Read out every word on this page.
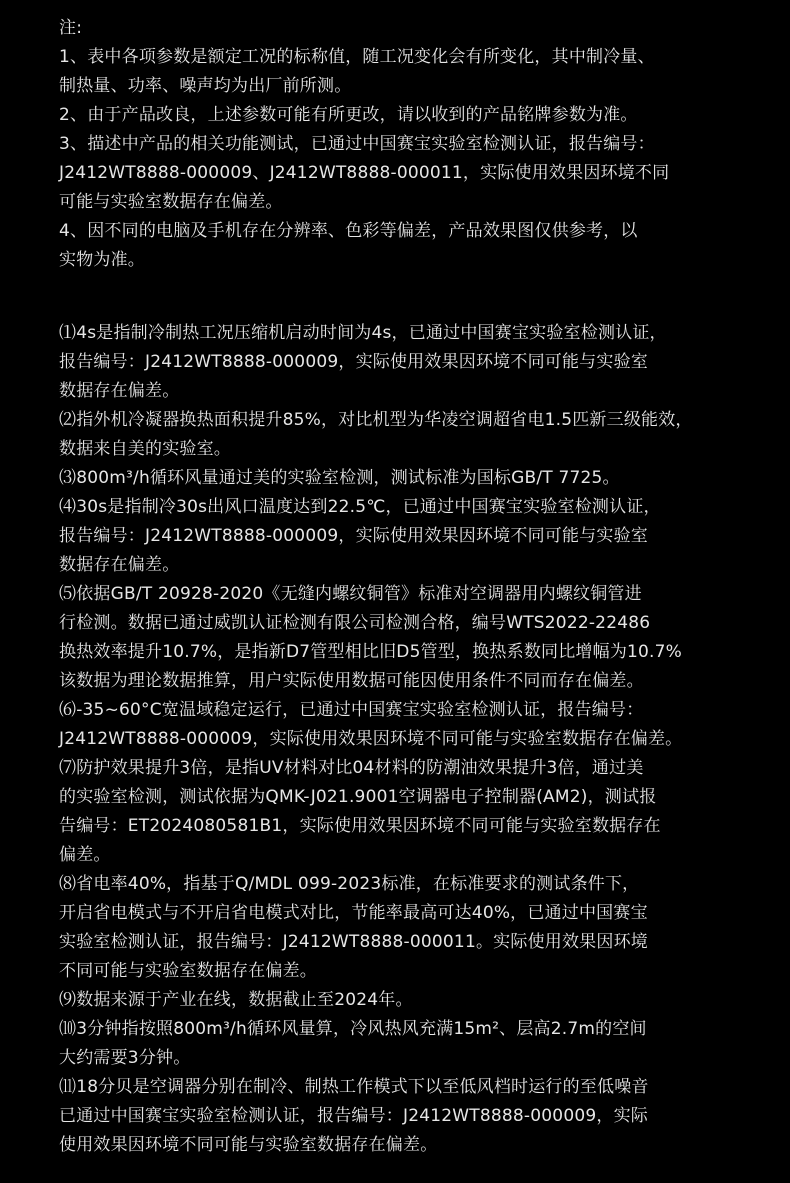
注:
1、表中各项参数是额定工况的标称值，随工况变化会有所变化，其中制冷量、
制热量、功率、噪声均为出厂前所测。
2、由于产品改良，上述参数可能有所更改，请以收到的产品铭牌参数为准。
3、描述中产品的相关功能测试，已通过中国赛宝实验室检测认证，报告编号：
J2412WT8888-000009、J2412WT8888-000011，实际使用效果因环境不同
可能与实验室数据存在偏差。
4、因不同的电脑及手机存在分辨率、色彩等偏差，产品效果图仅供参考，以
实物为准。
⑴4s是指制冷制热工况压缩机启动时间为4s，已通过中国赛宝实验室检测认证，
报告编号：J2412WT8888-000009，实际使用效果因环境不同可能与实验室
数据存在偏差。
⑵指外机冷凝器换热面积提升85%，对比机型为华凌空调超省电1.5匹新三级能效，
数据来自美的实验室。
⑶800m³/h循环风量通过美的实验室检测，测试标准为国标GB/T 7725。
⑷30s是指制冷30s出风口温度达到22.5℃，已通过中国赛宝实验室检测认证，
报告编号：J2412WT8888-000009，实际使用效果因环境不同可能与实验室
数据存在偏差。
⑸依据GB/T 20928-2020《无缝内螺纹铜管》标准对空调器用内螺纹铜管进
行检测。数据已通过威凯认证检测有限公司检测合格，编号WTS2022-22486
换热效率提升10.7%，是指新D7管型相比旧D5管型，换热系数同比增幅为10.7%
该数据为理论数据推算，用户实际使用数据可能因使用条件不同而存在偏差。
⑹-35~60°C宽温域稳定运行，已通过中国赛宝实验室检测认证，报告编号：
J2412WT8888-000009，实际使用效果因环境不同可能与实验室数据存在偏差。
⑺防护效果提升3倍，是指UV材料对比04材料的防潮油效果提升3倍，通过美
的实验室检测，测试依据为QMK-J021.9001空调器电子控制器(AM2)，测试报
告编号：ET2024080581B1，实际使用效果因环境不同可能与实验室数据存在
偏差。
⑻省电率40%，指基于Q/MDL 099-2023标准，在标准要求的测试条件下，
开启省电模式与不开启省电模式对比，节能率最高可达40%，已通过中国赛宝
实验室检测认证，报告编号：J2412WT8888-000011。实际使用效果因环境
不同可能与实验室数据存在偏差。
⑼数据来源于产业在线，数据截止至2024年。
⑽3分钟指按照800m³/h循环风量算，冷风热风充满15m²、层高2.7m的空间
大约需要3分钟。
⑾18分贝是空调器分别在制冷、制热工作模式下以至低风档时运行的至低噪音
已通过中国赛宝实验室检测认证，报告编号：J2412WT8888-000009，实际
使用效果因环境不同可能与实验室数据存在偏差。
